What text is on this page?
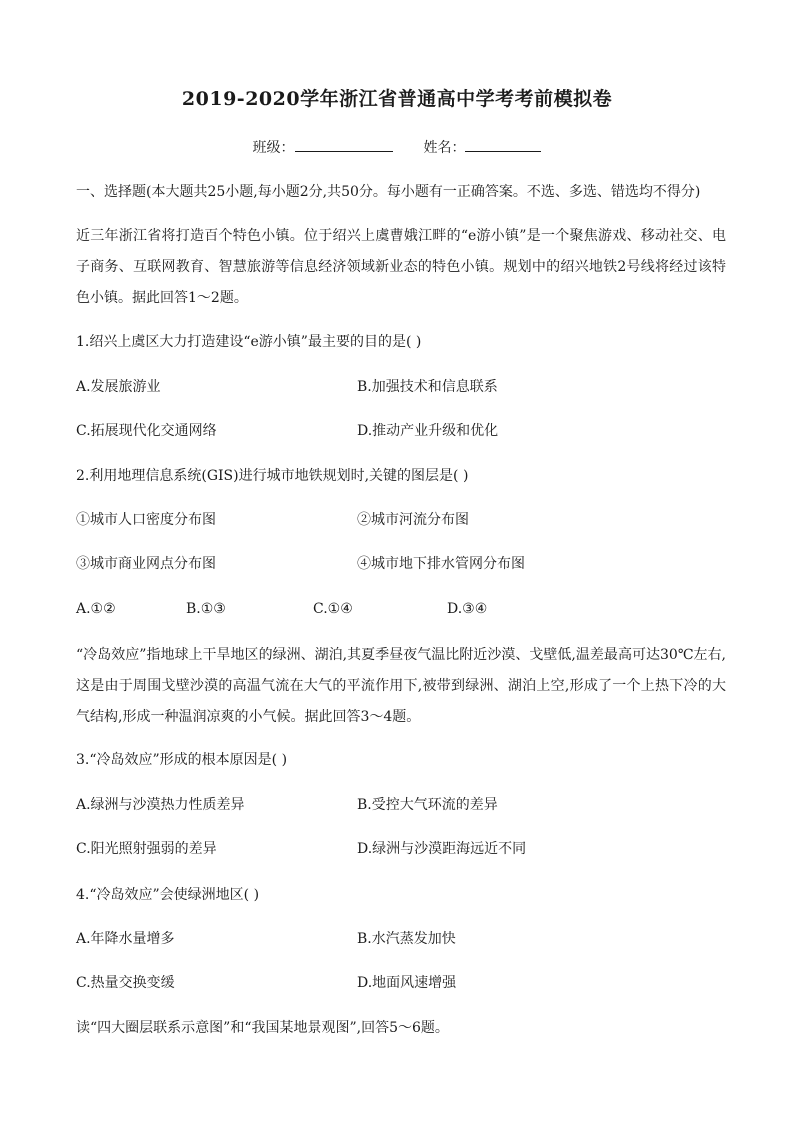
2019-2020学年浙江省普通高中学考考前模拟卷
班级：	姓名：
一、选择题(本大题共25小题,每小题2分,共50分。每小题有一正确答案。不选、多选、错选均不得分)
近三年浙江省将打造百个特色小镇。位于绍兴上虞曹娥江畔的“e游小镇”是一个聚焦游戏、移动社交、电子商务、互联网教育、智慧旅游等信息经济领域新业态的特色小镇。规划中的绍兴地铁2号线将经过该特色小镇。据此回答1～2题。
1.绍兴上虞区大力打造建设“e游小镇”最主要的目的是( )
A.发展旅游业	B.加强技术和信息联系
C.拓展现代化交通网络	D.推动产业升级和优化
2.利用地理信息系统(GIS)进行城市地铁规划时,关键的图层是( )
①城市人口密度分布图	②城市河流分布图
③城市商业网点分布图	④城市地下排水管网分布图
A.①②	B.①③	C.①④	D.③④
“冷岛效应”指地球上干旱地区的绿洲、湖泊,其夏季昼夜气温比附近沙漠、戈壁低,温差最高可达30℃左右,这是由于周围戈壁沙漠的高温气流在大气的平流作用下,被带到绿洲、湖泊上空,形成了一个上热下冷的大气结构,形成一种温润凉爽的小气候。据此回答3～4题。
3.“冷岛效应”形成的根本原因是( )
A.绿洲与沙漠热力性质差异	B.受控大气环流的差异
C.阳光照射强弱的差异	D.绿洲与沙漠距海远近不同
4.“冷岛效应”会使绿洲地区( )
A.年降水量增多	B.水汽蒸发加快
C.热量交换变缓	D.地面风速增强
读“四大圈层联系示意图”和“我国某地景观图”,回答5～6题。
